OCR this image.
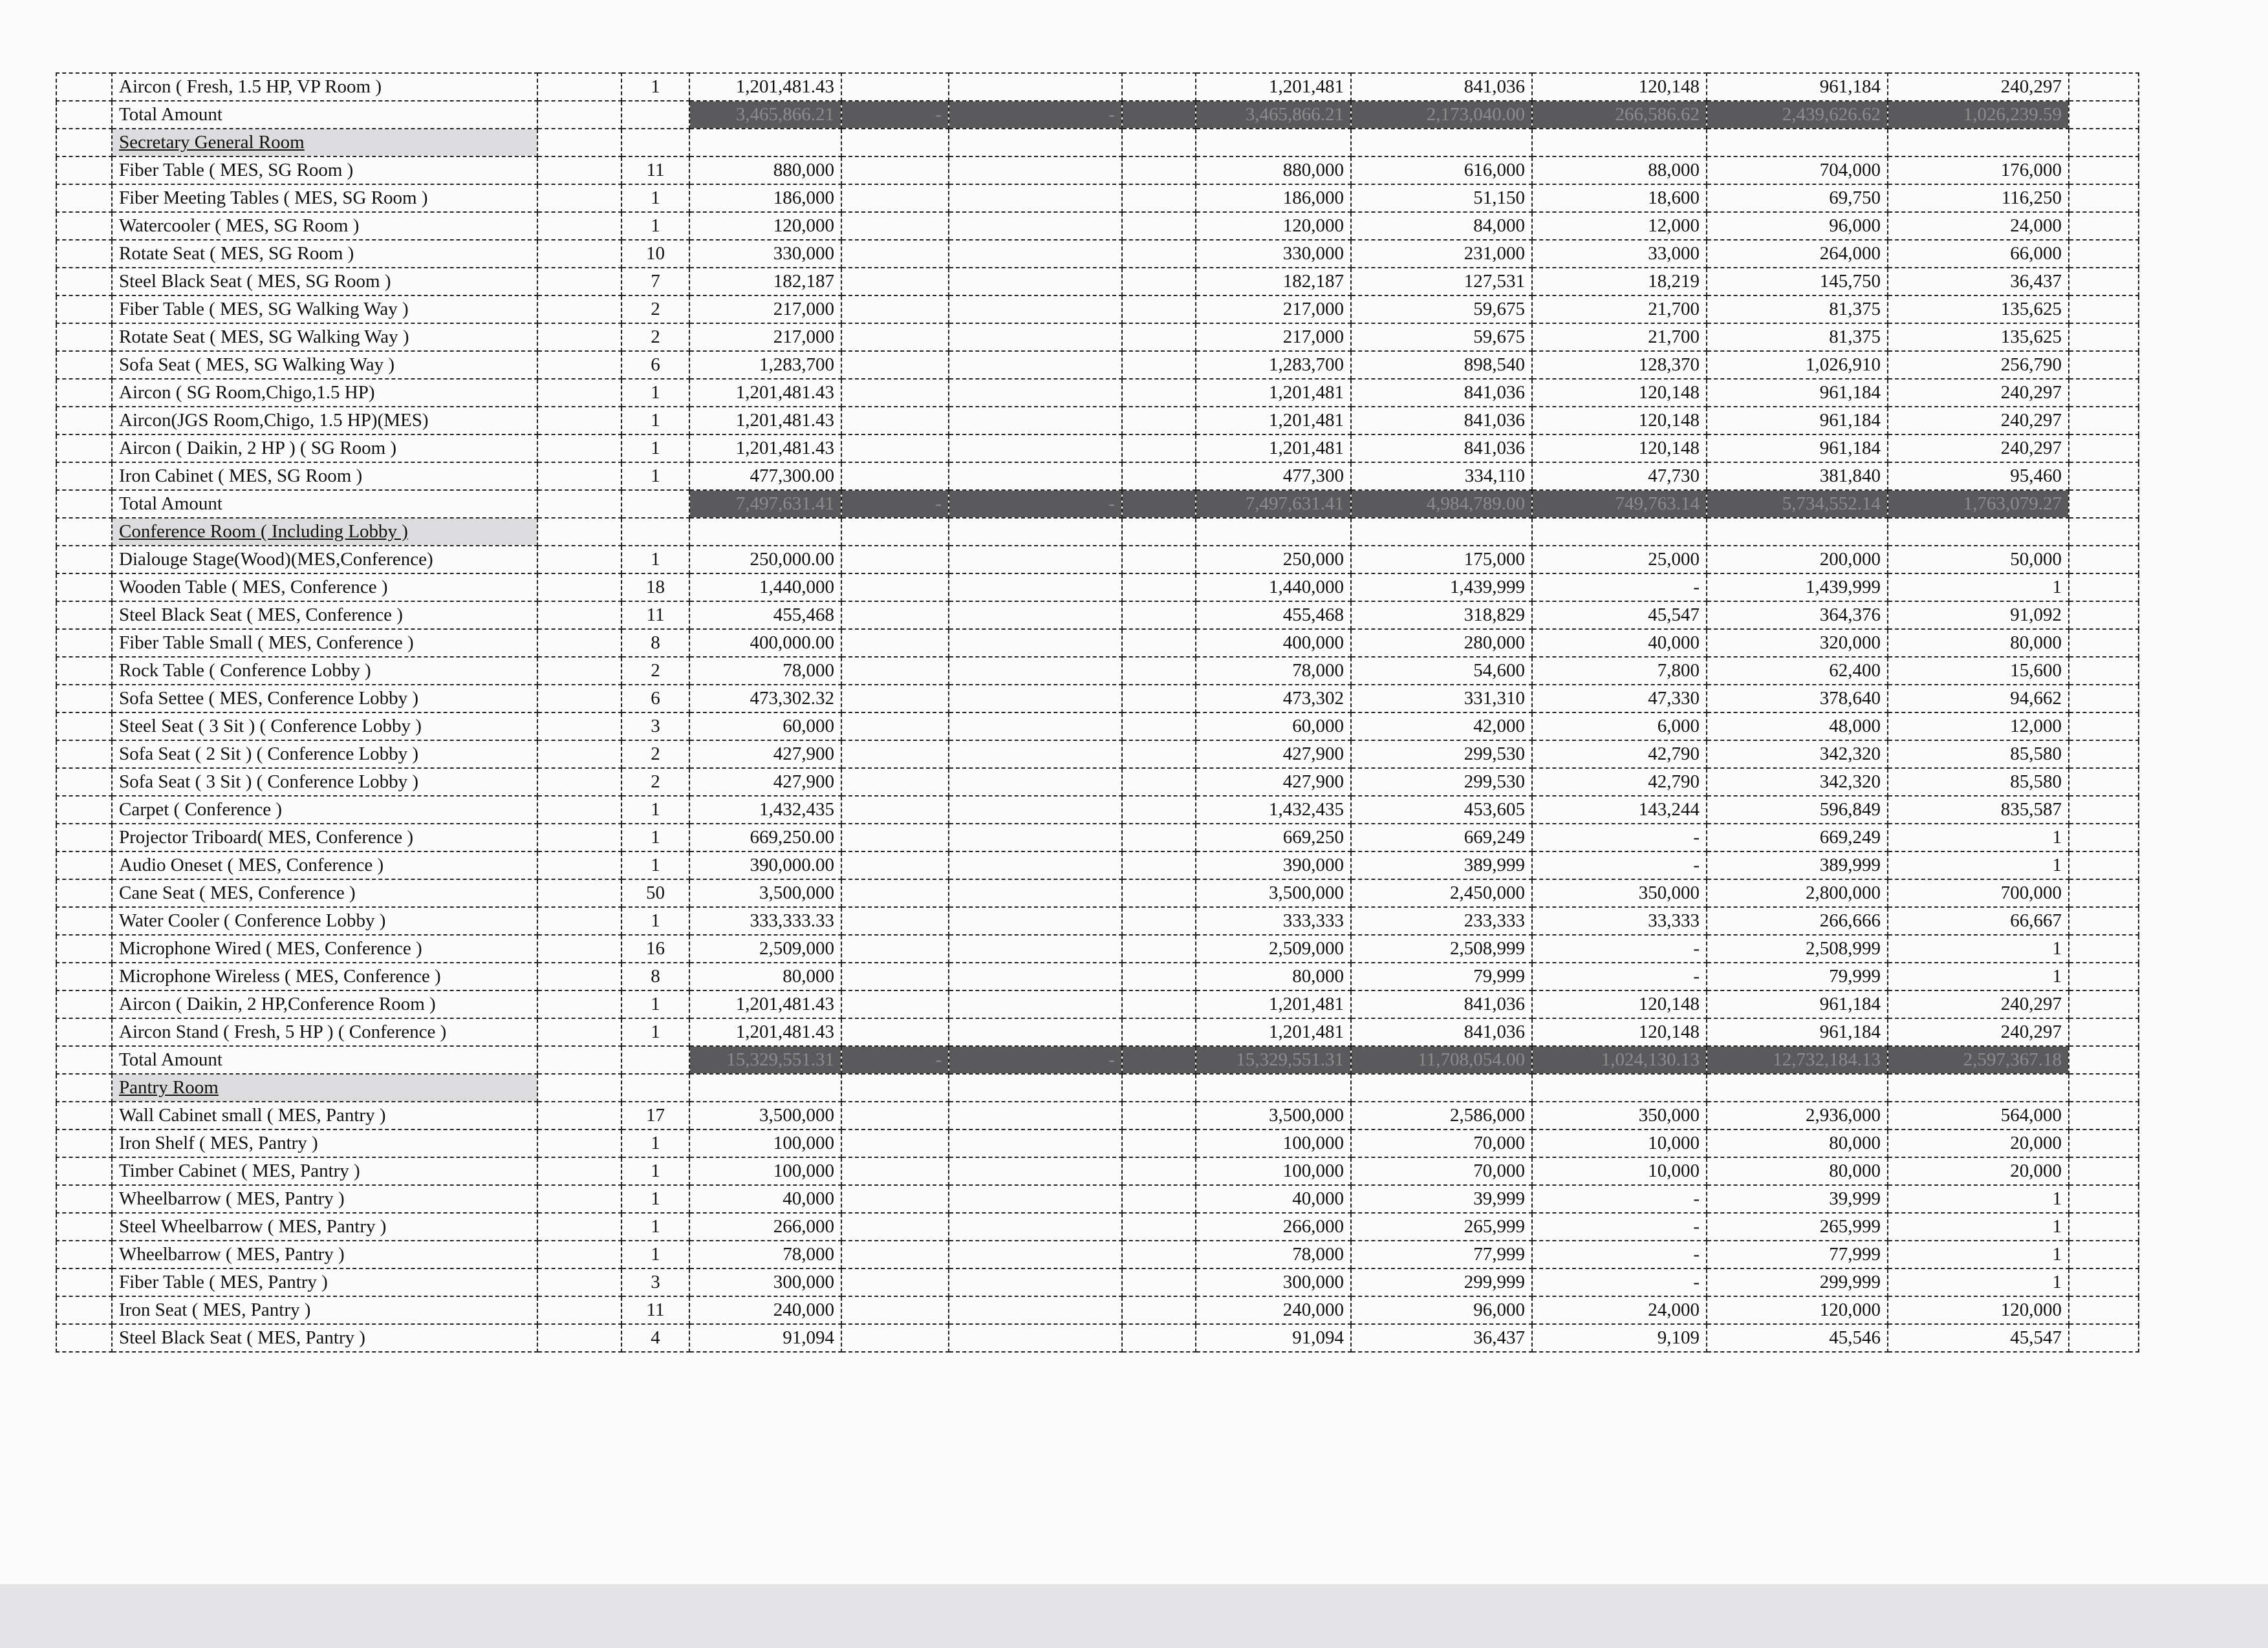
	Aircon ( Fresh, 1.5 HP, VP Room )		1	1,201,481.43				1,201,481	841,036	120,148	961,184	240,297	
	Total Amount			3,465,866.21	-	-		3,465,866.21	2,173,040.00	266,586.62	2,439,626.62	1,026,239.59	
	Secretary General Room												
	Fiber Table ( MES, SG Room )		11	880,000				880,000	616,000	88,000	704,000	176,000	
	Fiber Meeting Tables ( MES, SG Room )		1	186,000				186,000	51,150	18,600	69,750	116,250	
	Watercooler ( MES, SG Room )		1	120,000				120,000	84,000	12,000	96,000	24,000	
	Rotate Seat ( MES, SG Room )		10	330,000				330,000	231,000	33,000	264,000	66,000	
	Steel Black Seat ( MES, SG Room )		7	182,187				182,187	127,531	18,219	145,750	36,437	
	Fiber Table ( MES, SG Walking Way )		2	217,000				217,000	59,675	21,700	81,375	135,625	
	Rotate Seat ( MES, SG Walking Way )		2	217,000				217,000	59,675	21,700	81,375	135,625	
	Sofa Seat ( MES, SG Walking Way )		6	1,283,700				1,283,700	898,540	128,370	1,026,910	256,790	
	Aircon ( SG Room,Chigo,1.5 HP)		1	1,201,481.43				1,201,481	841,036	120,148	961,184	240,297	
	Aircon(JGS Room,Chigo, 1.5 HP)(MES)		1	1,201,481.43				1,201,481	841,036	120,148	961,184	240,297	
	Aircon ( Daikin, 2 HP ) ( SG Room )		1	1,201,481.43				1,201,481	841,036	120,148	961,184	240,297	
	Iron Cabinet ( MES, SG Room )		1	477,300.00				477,300	334,110	47,730	381,840	95,460	
	Total Amount			7,497,631.41	-	-		7,497,631.41	4,984,789.00	749,763.14	5,734,552.14	1,763,079.27	
	Conference Room ( Including Lobby )												
	Dialouge Stage(Wood)(MES,Conference)		1	250,000.00				250,000	175,000	25,000	200,000	50,000	
	Wooden Table ( MES, Conference )		18	1,440,000				1,440,000	1,439,999	-	1,439,999	1	
	Steel Black Seat ( MES, Conference )		11	455,468				455,468	318,829	45,547	364,376	91,092	
	Fiber Table Small ( MES, Conference )		8	400,000.00				400,000	280,000	40,000	320,000	80,000	
	Rock Table ( Conference Lobby )		2	78,000				78,000	54,600	7,800	62,400	15,600	
	Sofa Settee ( MES, Conference Lobby )		6	473,302.32				473,302	331,310	47,330	378,640	94,662	
	Steel Seat ( 3 Sit ) ( Conference Lobby )		3	60,000				60,000	42,000	6,000	48,000	12,000	
	Sofa Seat ( 2 Sit ) ( Conference Lobby )		2	427,900				427,900	299,530	42,790	342,320	85,580	
	Sofa Seat ( 3 Sit ) ( Conference Lobby )		2	427,900				427,900	299,530	42,790	342,320	85,580	
	Carpet ( Conference )		1	1,432,435				1,432,435	453,605	143,244	596,849	835,587	
	Projector Triboard( MES, Conference )		1	669,250.00				669,250	669,249	-	669,249	1	
	Audio Oneset ( MES, Conference )		1	390,000.00				390,000	389,999	-	389,999	1	
	Cane Seat ( MES, Conference )		50	3,500,000				3,500,000	2,450,000	350,000	2,800,000	700,000	
	Water Cooler ( Conference Lobby )		1	333,333.33				333,333	233,333	33,333	266,666	66,667	
	Microphone Wired ( MES, Conference )		16	2,509,000				2,509,000	2,508,999	-	2,508,999	1	
	Microphone Wireless ( MES, Conference )		8	80,000				80,000	79,999	-	79,999	1	
	Aircon ( Daikin, 2 HP,Conference Room )		1	1,201,481.43				1,201,481	841,036	120,148	961,184	240,297	
	Aircon Stand ( Fresh, 5 HP ) ( Conference )		1	1,201,481.43				1,201,481	841,036	120,148	961,184	240,297	
	Total Amount			15,329,551.31	-	-		15,329,551.31	11,708,054.00	1,024,130.13	12,732,184.13	2,597,367.18	
	Pantry Room												
	Wall Cabinet small ( MES, Pantry )		17	3,500,000				3,500,000	2,586,000	350,000	2,936,000	564,000	
	Iron Shelf ( MES, Pantry )		1	100,000				100,000	70,000	10,000	80,000	20,000	
	Timber Cabinet ( MES, Pantry )		1	100,000				100,000	70,000	10,000	80,000	20,000	
	Wheelbarrow ( MES, Pantry )		1	40,000				40,000	39,999	-	39,999	1	
	Steel Wheelbarrow ( MES, Pantry )		1	266,000				266,000	265,999	-	265,999	1	
	Wheelbarrow ( MES, Pantry )		1	78,000				78,000	77,999	-	77,999	1	
	Fiber Table ( MES, Pantry )		3	300,000				300,000	299,999	-	299,999	1	
	Iron Seat ( MES, Pantry )		11	240,000				240,000	96,000	24,000	120,000	120,000	
	Steel Black Seat ( MES, Pantry )		4	91,094				91,094	36,437	9,109	45,546	45,547	
